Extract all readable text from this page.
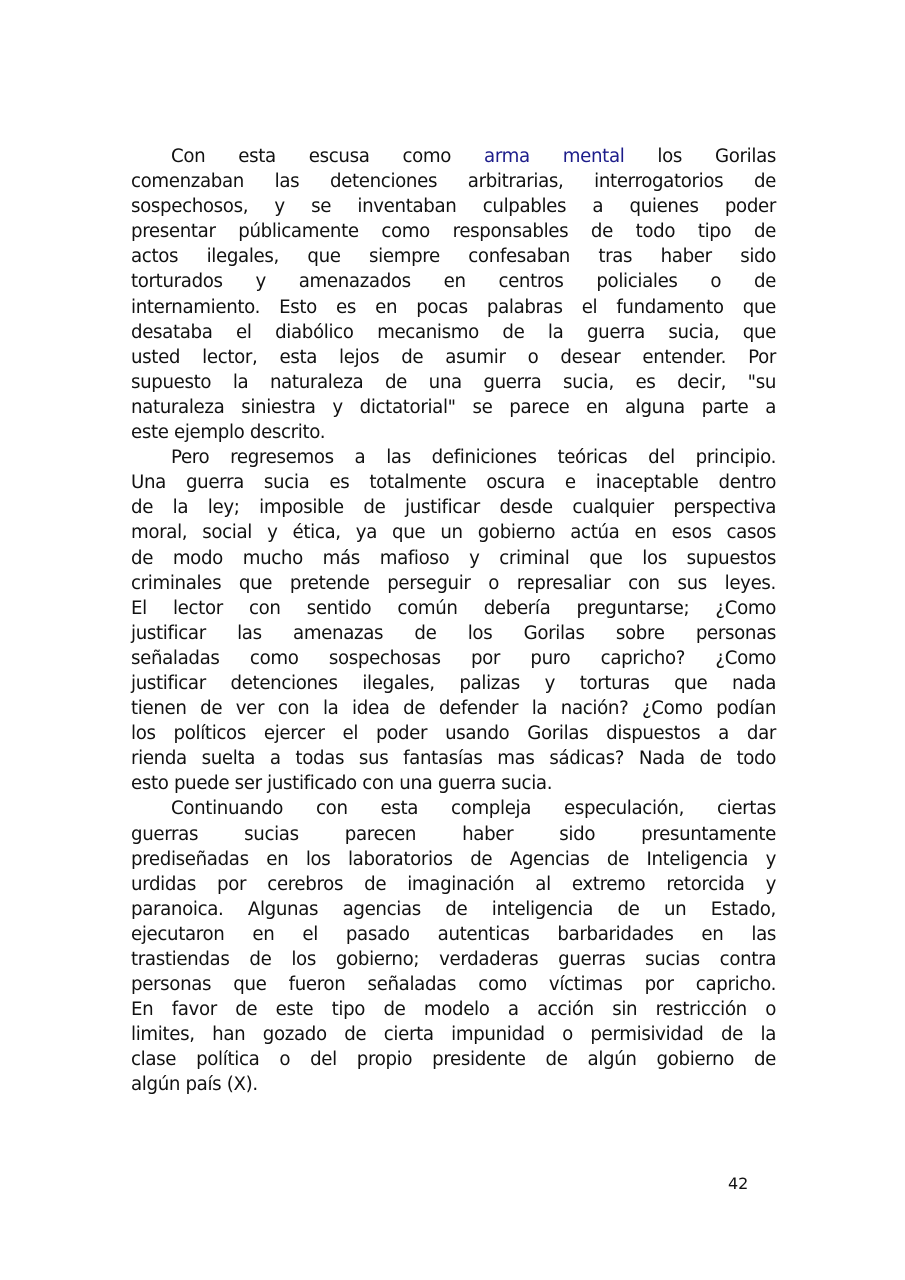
Con esta escusa como arma mental los Gorilas
comenzaban las detenciones arbitrarias, interrogatorios de
sospechosos, y se inventaban culpables a quienes poder
presentar públicamente como responsables de todo tipo de
actos ilegales, que siempre confesaban tras haber sido
torturados y amenazados en centros policiales o de
internamiento. Esto es en pocas palabras el fundamento que
desataba el diabólico mecanismo de la guerra sucia, que
usted lector, esta lejos de asumir o desear entender. Por
supuesto la naturaleza de una guerra sucia, es decir, "su
naturaleza siniestra y dictatorial" se parece en alguna parte a
este ejemplo descrito.
Pero regresemos a las definiciones teóricas del principio.
Una guerra sucia es totalmente oscura e inaceptable dentro
de la ley; imposible de justificar desde cualquier perspectiva
moral, social y ética, ya que un gobierno actúa en esos casos
de modo mucho más mafioso y criminal que los supuestos
criminales que pretende perseguir o represaliar con sus leyes.
El lector con sentido común debería preguntarse; ¿Como
justificar las amenazas de los Gorilas sobre personas
señaladas como sospechosas por puro capricho? ¿Como
justificar detenciones ilegales, palizas y torturas que nada
tienen de ver con la idea de defender la nación? ¿Como podían
los políticos ejercer el poder usando Gorilas dispuestos a dar
rienda suelta a todas sus fantasías mas sádicas? Nada de todo
esto puede ser justificado con una guerra sucia.
Continuando con esta compleja especulación, ciertas
guerras sucias parecen haber sido presuntamente
prediseñadas en los laboratorios de Agencias de Inteligencia y
urdidas por cerebros de imaginación al extremo retorcida y
paranoica. Algunas agencias de inteligencia de un Estado,
ejecutaron en el pasado autenticas barbaridades en las
trastiendas de los gobierno; verdaderas guerras sucias contra
personas que fueron señaladas como víctimas por capricho.
En favor de este tipo de modelo a acción sin restricción o
limites, han gozado de cierta impunidad o permisividad de la
clase política o del propio presidente de algún gobierno de
algún país (X).
42
